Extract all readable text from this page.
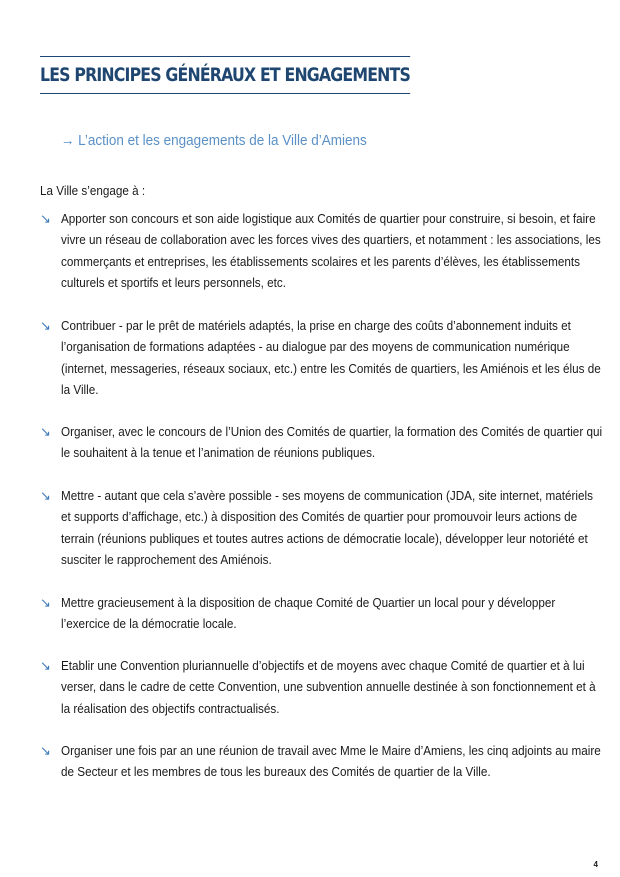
LES PRINCIPES GÉNÉRAUX ET ENGAGEMENTS
→ L’action et les engagements de la Ville d’Amiens
La Ville s’engage à :
↘ Apporter son concours et son aide logistique aux Comités de quartier pour construire, si besoin, et faire vivre un réseau de collaboration avec les forces vives des quartiers, et notamment : les associations, les commerçants et entreprises, les établissements scolaires et les parents d’élèves, les établissements culturels et sportifs et leurs personnels, etc.
↘ Contribuer - par le prêt de matériels adaptés, la prise en charge des coûts d’abonnement induits et l’organisation de formations adaptées - au dialogue par des moyens de communication numérique (internet, messageries, réseaux sociaux, etc.) entre les Comités de quartiers, les Amiénois et les élus de la Ville.
↘ Organiser, avec le concours de l’Union des Comités de quartier, la formation des Comités de quartier qui le souhaitent à la tenue et l’animation de réunions publiques.
↘ Mettre - autant que cela s’avère possible - ses moyens de communication (JDA, site internet, matériels et supports d’affichage, etc.) à disposition des Comités de quartier pour promouvoir leurs actions de terrain (réunions publiques et toutes autres actions de démocratie locale), développer leur notoriété et susciter le rapprochement des Amiénois.
↘ Mettre gracieusement à la disposition de chaque Comité de Quartier un local pour y développer l’exercice de la démocratie locale.
↘ Etablir une Convention pluriannuelle d’objectifs et de moyens avec chaque Comité de quartier et à lui verser, dans le cadre de cette Convention, une subvention annuelle destinée à son fonctionnement et à la réalisation des objectifs contractualisés.
↘ Organiser une fois par an une réunion de travail avec Mme le Maire d’Amiens, les cinq adjoints au maire de Secteur et les membres de tous les bureaux des Comités de quartier de la Ville.
4
